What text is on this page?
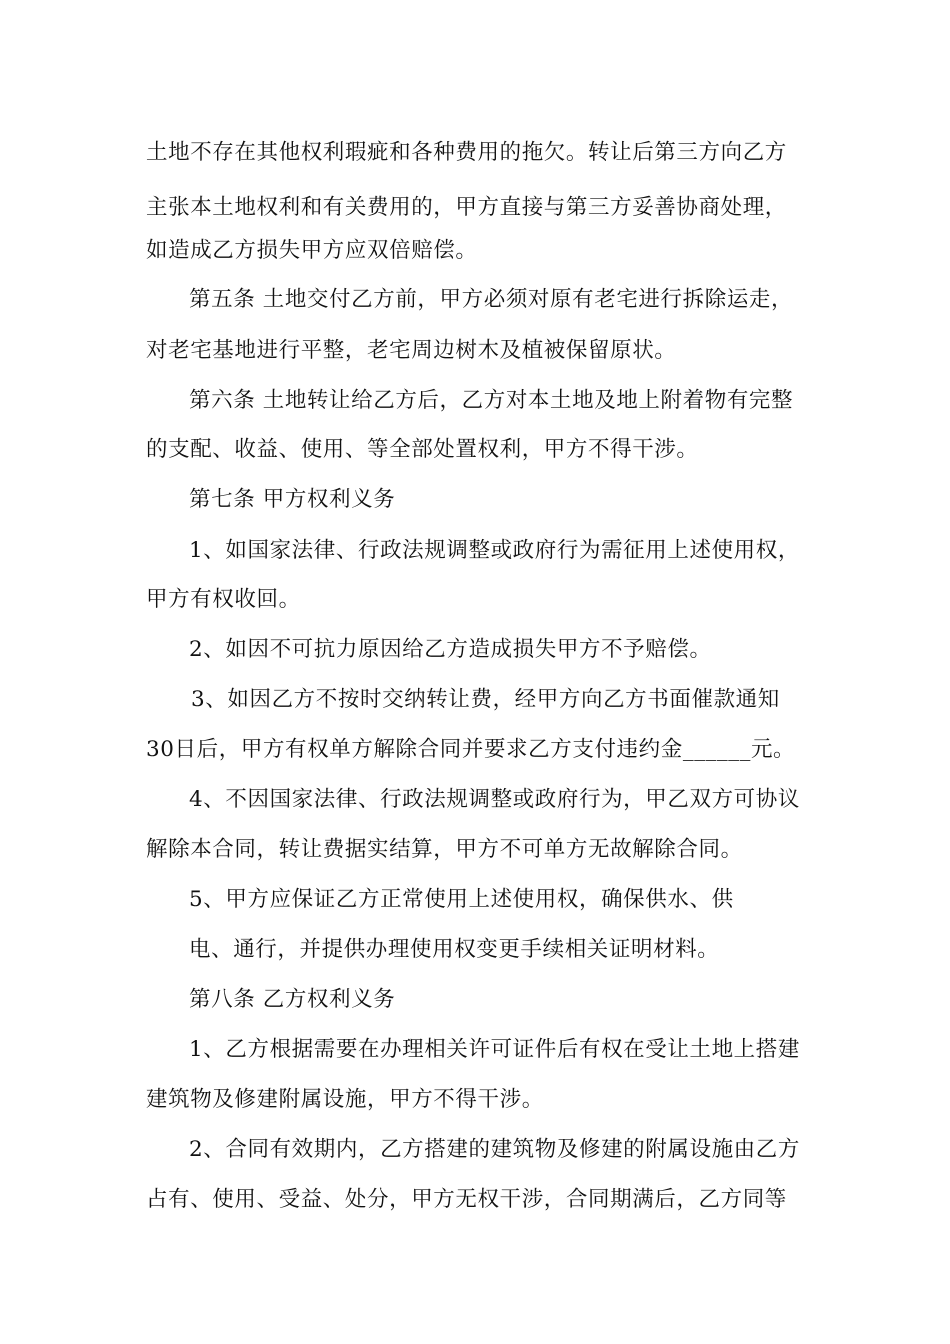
土地不存在其他权利瑕疵和各种费用的拖欠。转让后第三方向乙方
主张本土地权利和有关费用的，甲方直接与第三方妥善协商处理，
如造成乙方损失甲方应双倍赔偿。
第五条 土地交付乙方前，甲方必须对原有老宅进行拆除运走，
对老宅基地进行平整，老宅周边树木及植被保留原状。
第六条 土地转让给乙方后，乙方对本土地及地上附着物有完整
的支配、收益、使用、等全部处置权利，甲方不得干涉。
第七条 甲方权利义务
1、如国家法律、行政法规调整或政府行为需征用上述使用权，
甲方有权收回。
2、如因不可抗力原因给乙方造成损失甲方不予赔偿。
3、如因乙方不按时交纳转让费，经甲方向乙方书面催款通知
30日后，甲方有权单方解除合同并要求乙方支付违约金______元。
4、不因国家法律、行政法规调整或政府行为，甲乙双方可协议
解除本合同，转让费据实结算，甲方不可单方无故解除合同。
5、甲方应保证乙方正常使用上述使用权，确保供水、供
电、通行，并提供办理使用权变更手续相关证明材料。
第八条 乙方权利义务
1、乙方根据需要在办理相关许可证件后有权在受让土地上搭建
建筑物及修建附属设施，甲方不得干涉。
2、合同有效期内，乙方搭建的建筑物及修建的附属设施由乙方
占有、使用、受益、处分，甲方无权干涉，合同期满后，乙方同等
